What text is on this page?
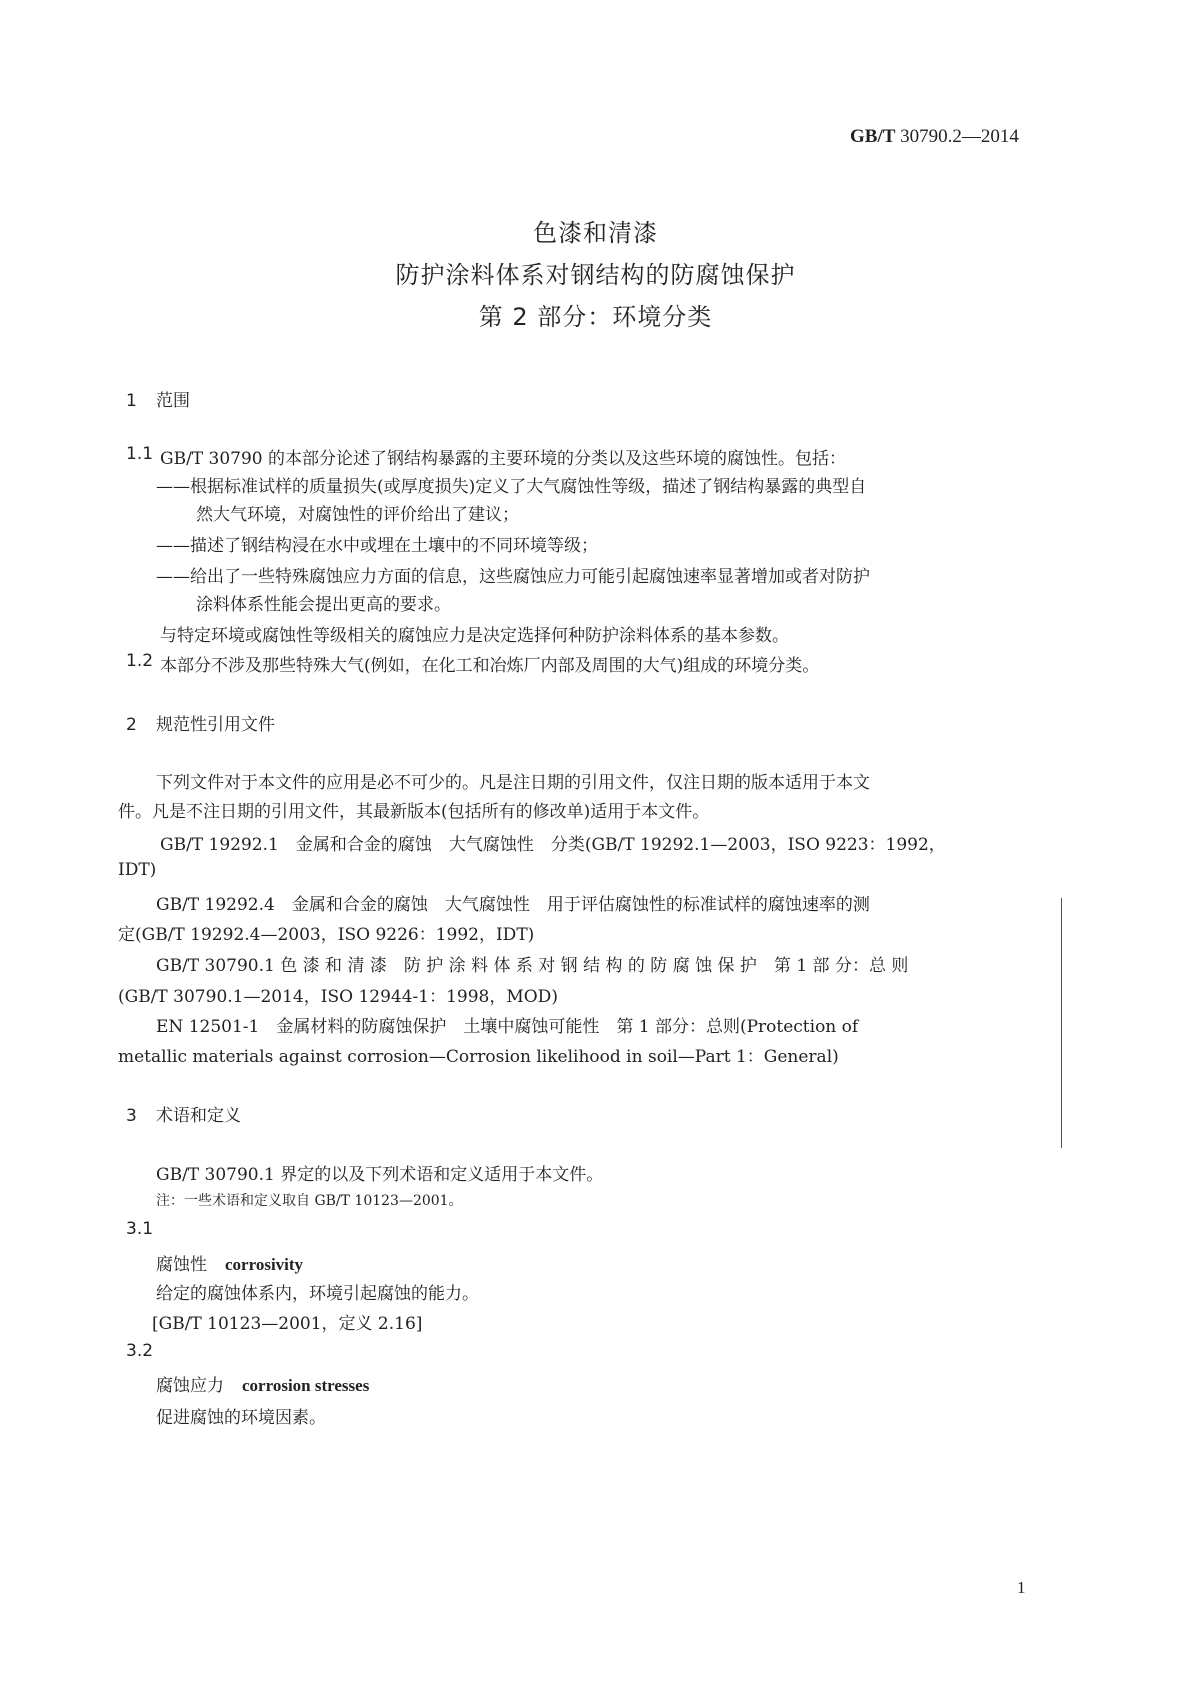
GB/T 30790.2—2014
色漆和清漆
防护涂料体系对钢结构的防腐蚀保护
第 2 部分：环境分类
1 范围
1.1 GB/T 30790 的本部分论述了钢结构暴露的主要环境的分类以及这些环境的腐蚀性。包括：
——根据标准试样的质量损失(或厚度损失)定义了大气腐蚀性等级，描述了钢结构暴露的典型自
然大气环境，对腐蚀性的评价给出了建议；
——描述了钢结构浸在水中或埋在土壤中的不同环境等级；
——给出了一些特殊腐蚀应力方面的信息，这些腐蚀应力可能引起腐蚀速率显著增加或者对防护
涂料体系性能会提出更高的要求。
与特定环境或腐蚀性等级相关的腐蚀应力是决定选择何种防护涂料体系的基本参数。
1.2 本部分不涉及那些特殊大气(例如，在化工和冶炼厂内部及周围的大气)组成的环境分类。
2 规范性引用文件
下列文件对于本文件的应用是必不可少的。凡是注日期的引用文件，仅注日期的版本适用于本文
件。凡是不注日期的引用文件，其最新版本(包括所有的修改单)适用于本文件。
GB/T 19292.1　金属和合金的腐蚀　大气腐蚀性　分类(GB/T 19292.1—2003，ISO 9223：1992，
IDT)
GB/T 19292.4　金属和合金的腐蚀　大气腐蚀性　用于评估腐蚀性的标准试样的腐蚀速率的测
定(GB/T 19292.4—2003，ISO 9226：1992，IDT)
GB/T 30790.1 色 漆 和 清 漆　防 护 涂 料 体 系 对 钢 结 构 的 防 腐 蚀 保 护　第 1 部 分：总 则
(GB/T 30790.1—2014，ISO 12944-1：1998，MOD)
EN 12501-1　金属材料的防腐蚀保护　土壤中腐蚀可能性　第 1 部分：总则(Protection of
metallic materials against corrosion—Corrosion likelihood in soil—Part 1：General)
3 术语和定义
GB/T 30790.1 界定的以及下列术语和定义适用于本文件。
注：一些术语和定义取自 GB/T 10123—2001。
3.1
腐蚀性 corrosivity
给定的腐蚀体系内，环境引起腐蚀的能力。
[GB/T 10123—2001，定义 2.16]
3.2
腐蚀应力 corrosion stresses
促进腐蚀的环境因素。
1
